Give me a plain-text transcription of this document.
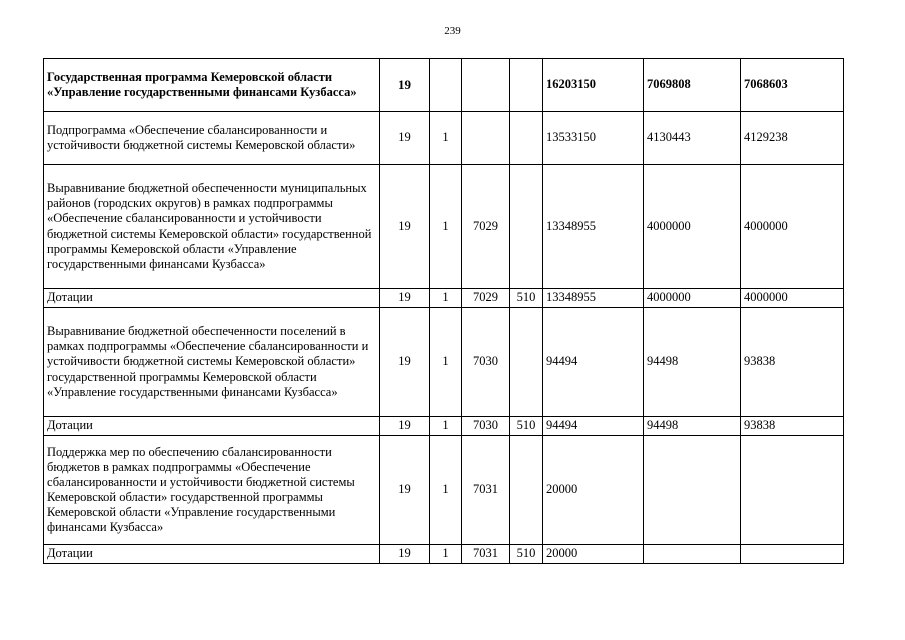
239
Государственная программа Кемеровской области «Управление государственными финансами Кузбасса»	19				16203150	7069808	7068603
Подпрограмма «Обеспечение сбалансированности и устойчивости бюджетной системы Кемеровской области»	19	1			13533150	4130443	4129238
Выравнивание бюджетной обеспеченности муниципальных районов (городских округов) в рамках подпрограммы «Обеспечение сбалансированности и устойчивости бюджетной системы Кемеровской области» государственной программы Кемеровской области «Управление государственными финансами Кузбасса»	19	1	7029		13348955	4000000	4000000
Дотации	19	1	7029	510	13348955	4000000	4000000
Выравнивание бюджетной обеспеченности поселений в рамках подпрограммы «Обеспечение сбалансированности и устойчивости бюджетной системы Кемеровской области» государственной программы Кемеровской области «Управление государственными финансами Кузбасса»	19	1	7030		94494	94498	93838
Дотации	19	1	7030	510	94494	94498	93838
Поддержка мер по обеспечению сбалансированности бюджетов в рамках подпрограммы «Обеспечение сбалансированности и устойчивости бюджетной системы Кемеровской области» государственной программы Кемеровской области «Управление государственными финансами Кузбасса»	19	1	7031		20000		
Дотации	19	1	7031	510	20000		
